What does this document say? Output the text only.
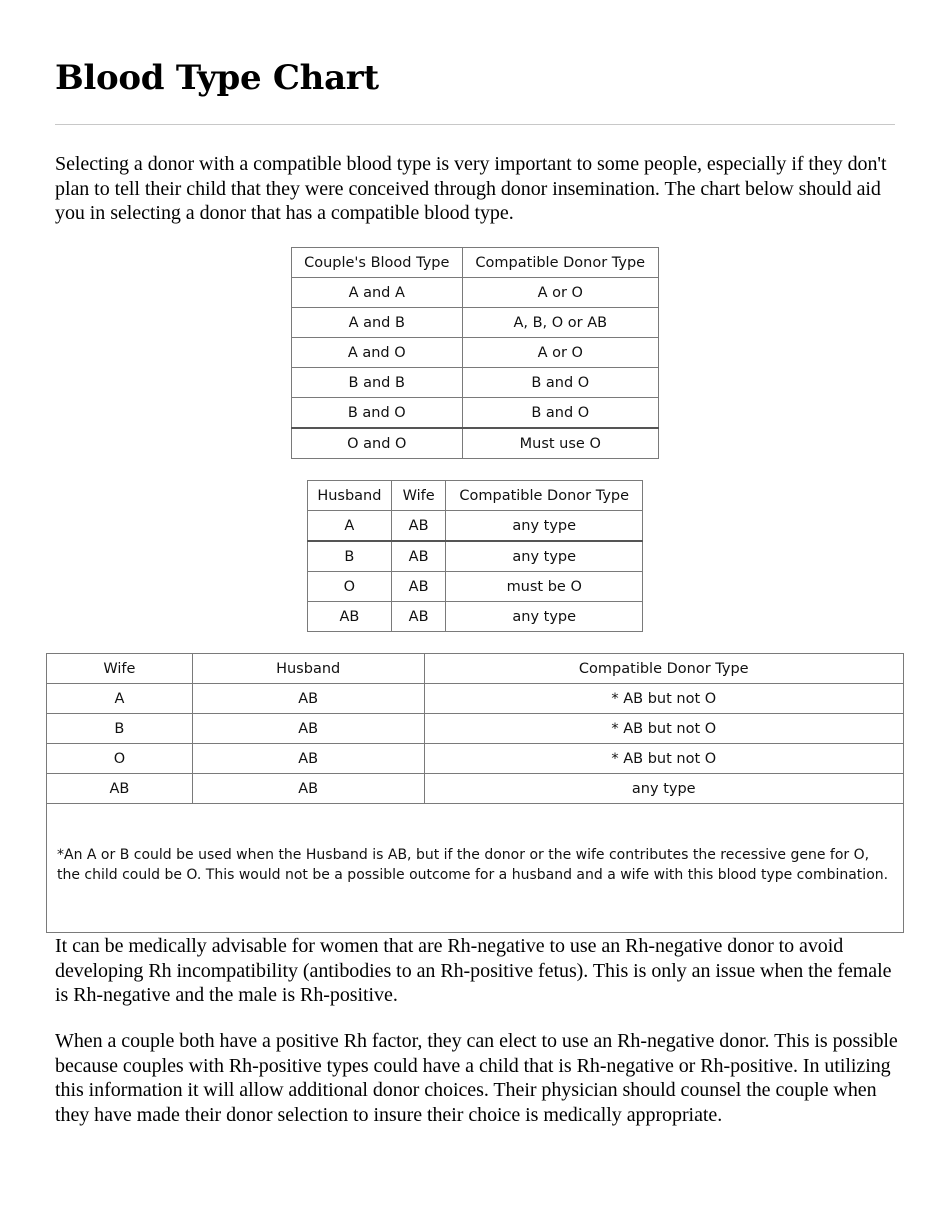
Blood Type Chart

Selecting a donor with a compatible blood type is very important to some people, especially if they don't plan to tell their child that they were conceived through donor insemination. The chart below should aid you in selecting a donor that has a compatible blood type.

Couple's Blood Type	Compatible Donor Type
A and A	A or O
A and B	A, B, O or AB
A and O	A or O
B and B	B and O
B and O	B and O
O and O	Must use O
Husband	Wife	Compatible Donor Type
A	AB	any type
B	AB	any type
O	AB	must be O
AB	AB	any type
Wife	Husband	Compatible Donor Type
A	AB	* AB but not O
B	AB	* AB but not O
O	AB	* AB but not O
AB	AB	any type
*An A or B could be used when the Husband is AB, but if the donor or the wife contributes the recessive gene for O, the child could be O. This would not be a possible outcome for a husband and a wife with this blood type combination.		

It can be medically advisable for women that are Rh-negative to use an Rh-negative donor to avoid developing Rh incompatibility (antibodies to an Rh-positive fetus). This is only an issue when the female is Rh-negative and the male is Rh-positive.

When a couple both have a positive Rh factor, they can elect to use an Rh-negative donor. This is possible because couples with Rh-positive types could have a child that is Rh-negative or Rh-positive. In utilizing this information it will allow additional donor choices. Their physician should counsel the couple when they have made their donor selection to insure their choice is medically appropriate.
